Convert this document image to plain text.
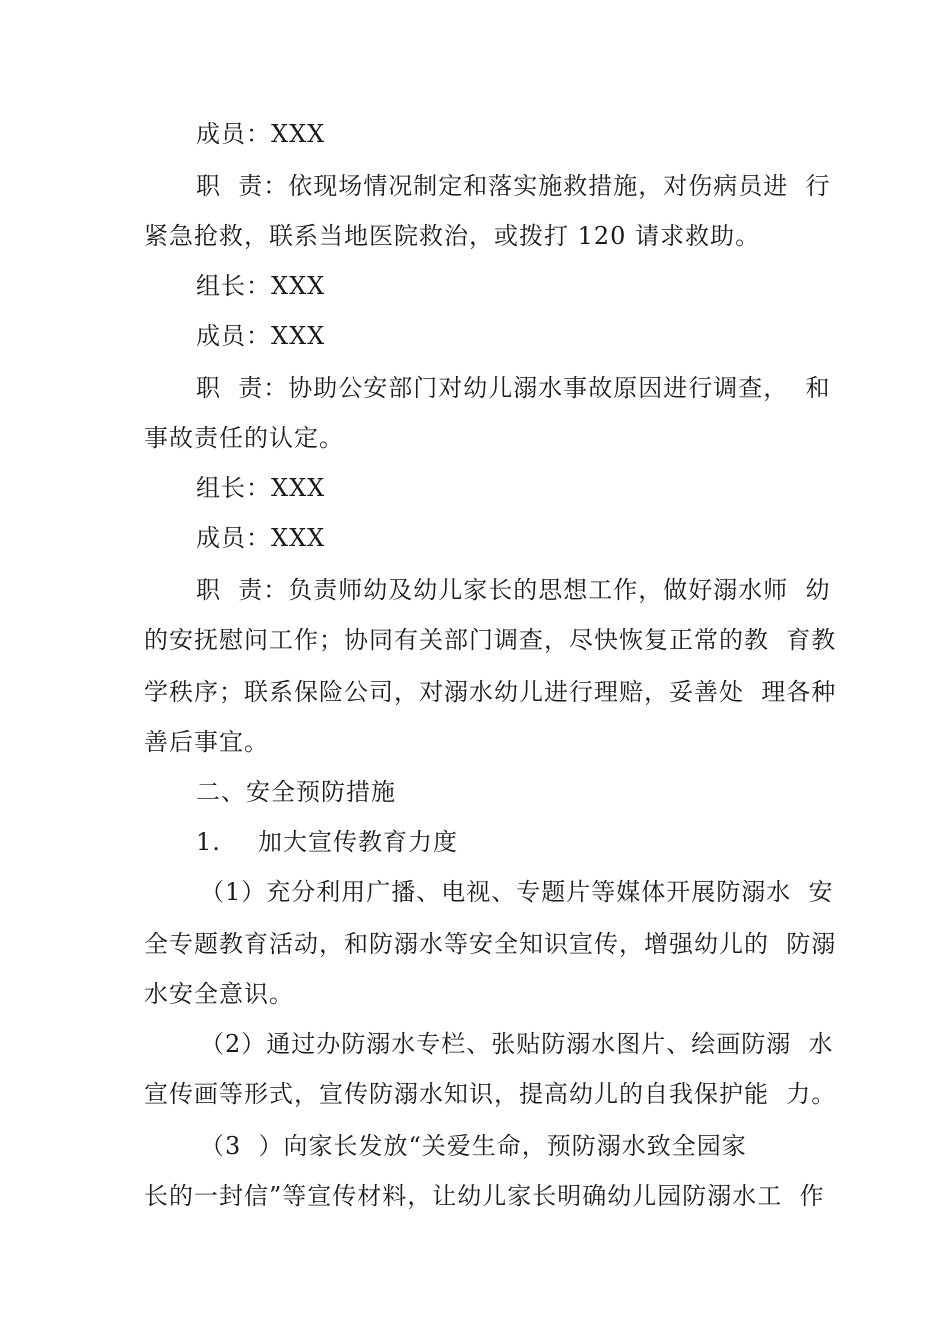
成员：XXX
职  责：依现场情况制定和落实施救措施，对伤病员进  行
紧急抢救，联系当地医院救治，或拨打 120 请求救助。
组长：XXX
成员：XXX
职  责：协助公安部门对幼儿溺水事故原因进行调查，  和
事故责任的认定。
组长：XXX
成员：XXX
职  责：负责师幼及幼儿家长的思想工作，做好溺水师  幼
的安抚慰问工作；协同有关部门调查，尽快恢复正常的教  育教
学秩序；联系保险公司，对溺水幼儿进行理赔，妥善处  理各种
善后事宜。
二、安全预防措施
1. 加大宣传教育力度
（1）充分利用广播、电视、专题片等媒体开展防溺水  安
全专题教育活动，和防溺水等安全知识宣传，增强幼儿的  防溺
水安全意识。
（2）通过办防溺水专栏、张贴防溺水图片、绘画防溺  水
宣传画等形式，宣传防溺水知识，提高幼儿的自我保护能  力。
（3  ）向家长发放“关爱生命，预防溺水致全园家
长的一封信”等宣传材料，让幼儿家长明确幼儿园防溺水工  作
